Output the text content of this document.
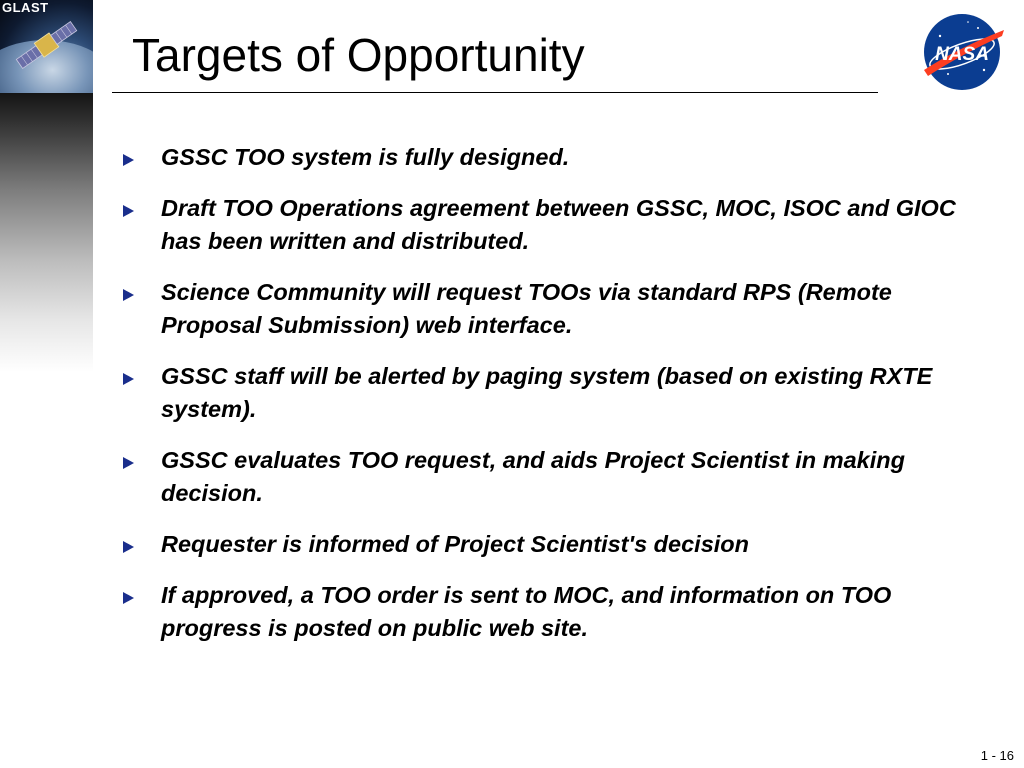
GLAST
Targets of Opportunity	NASA
GSSC TOO system is fully designed.
Draft TOO Operations agreement between GSSC, MOC, ISOC and GIOC has been written and distributed.
Science Community will request TOOs via standard RPS (Remote Proposal Submission) web interface.
GSSC staff will be alerted by paging system (based on existing RXTE system).
GSSC evaluates TOO request, and aids Project Scientist in making decision.
Requester is informed of Project Scientist's decision
If approved, a TOO order is sent to MOC, and information on TOO progress is posted on public web site.
1 - 16
